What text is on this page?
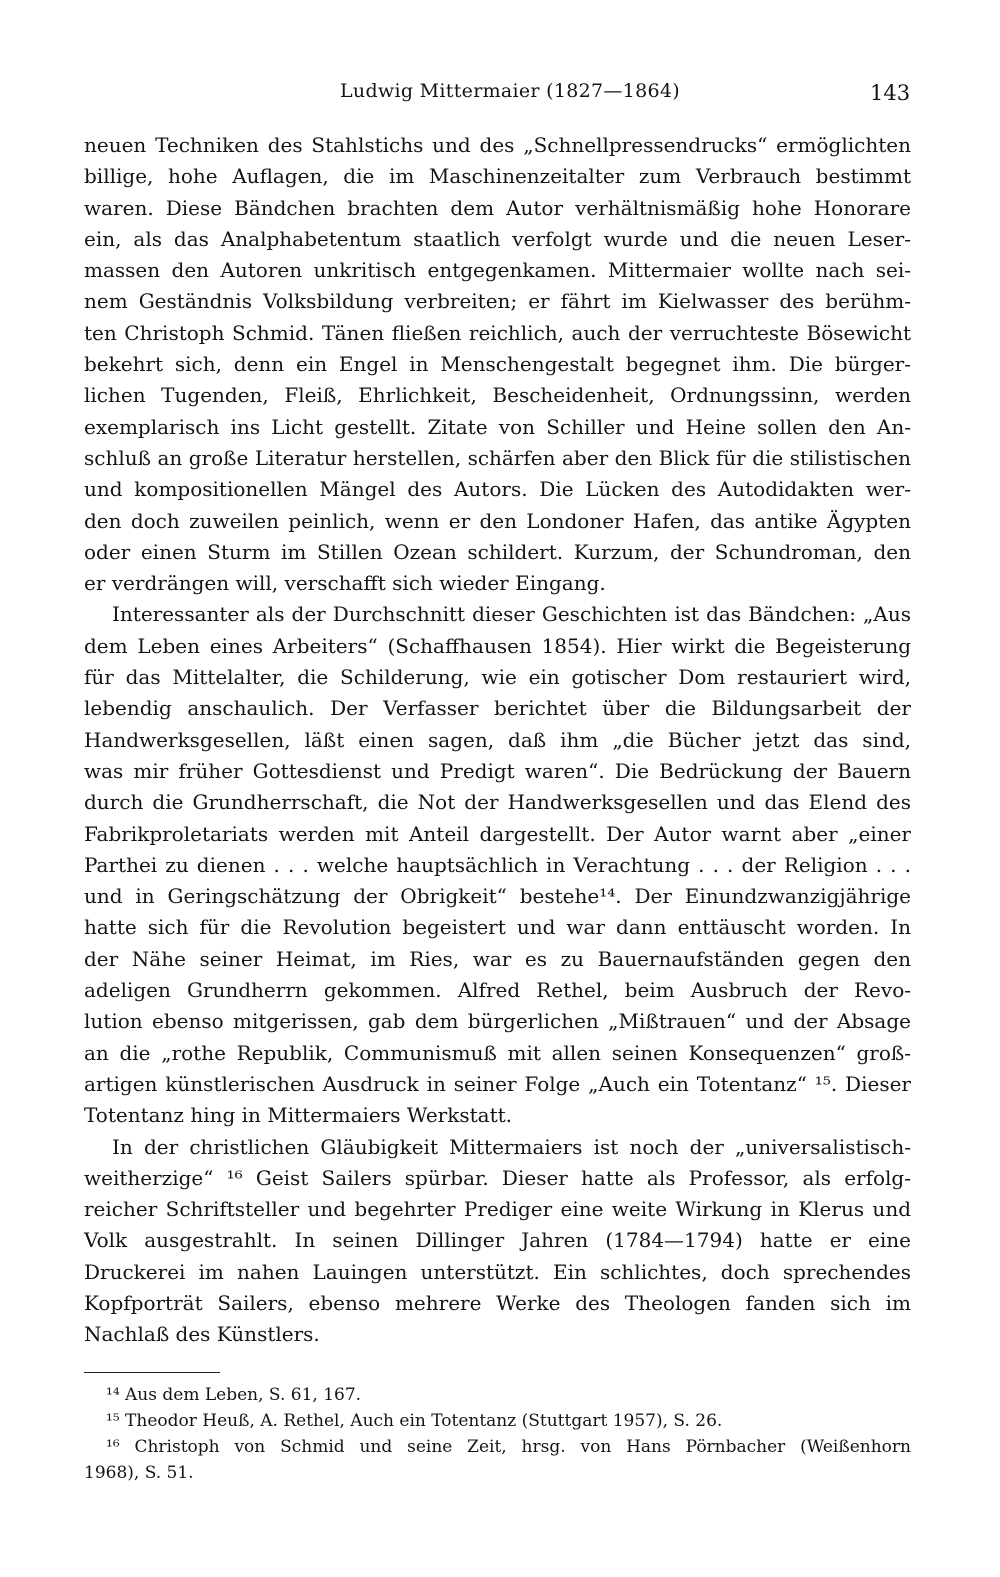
Ludwig Mittermaier (1827—1864)	143
neuen Techniken des Stahlstichs und des „Schnellpressendrucks“ ermöglichten
billige, hohe Auflagen, die im Maschinenzeitalter zum Verbrauch bestimmt
waren. Diese Bändchen brachten dem Autor verhältnismäßig hohe Honorare
ein, als das Analphabetentum staatlich verfolgt wurde und die neuen Leser-
massen den Autoren unkritisch entgegenkamen. Mittermaier wollte nach sei-
nem Geständnis Volksbildung verbreiten; er fährt im Kielwasser des berühm-
ten Christoph Schmid. Tänen fließen reichlich, auch der verruchteste Bösewicht
bekehrt sich, denn ein Engel in Menschengestalt begegnet ihm. Die bürger-
lichen Tugenden, Fleiß, Ehrlichkeit, Bescheidenheit, Ordnungssinn, werden
exemplarisch ins Licht gestellt. Zitate von Schiller und Heine sollen den An-
schluß an große Literatur herstellen, schärfen aber den Blick für die stilistischen
und kompositionellen Mängel des Autors. Die Lücken des Autodidakten wer-
den doch zuweilen peinlich, wenn er den Londoner Hafen, das antike Ägypten
oder einen Sturm im Stillen Ozean schildert. Kurzum, der Schundroman, den
er verdrängen will, verschafft sich wieder Eingang.
Interessanter als der Durchschnitt dieser Geschichten ist das Bändchen: „Aus
dem Leben eines Arbeiters“ (Schaffhausen 1854). Hier wirkt die Begeisterung
für das Mittelalter, die Schilderung, wie ein gotischer Dom restauriert wird,
lebendig anschaulich. Der Verfasser berichtet über die Bildungsarbeit der
Handwerksgesellen, läßt einen sagen, daß ihm „die Bücher jetzt das sind,
was mir früher Gottesdienst und Predigt waren“. Die Bedrückung der Bauern
durch die Grundherrschaft, die Not der Handwerksgesellen und das Elend des
Fabrikproletariats werden mit Anteil dargestellt. Der Autor warnt aber „einer
Parthei zu dienen . . . welche hauptsächlich in Verachtung . . . der Religion . . .
und in Geringschätzung der Obrigkeit“ bestehe¹⁴. Der Einundzwanzigjährige
hatte sich für die Revolution begeistert und war dann enttäuscht worden. In
der Nähe seiner Heimat, im Ries, war es zu Bauernaufständen gegen den
adeligen Grundherrn gekommen. Alfred Rethel, beim Ausbruch der Revo-
lution ebenso mitgerissen, gab dem bürgerlichen „Mißtrauen“ und der Absage
an die „rothe Republik, Communismuß mit allen seinen Konsequenzen“ groß-
artigen künstlerischen Ausdruck in seiner Folge „Auch ein Totentanz“ ¹⁵. Dieser
Totentanz hing in Mittermaiers Werkstatt.
In der christlichen Gläubigkeit Mittermaiers ist noch der „universalistisch-
weitherzige“ ¹⁶ Geist Sailers spürbar. Dieser hatte als Professor, als erfolg-
reicher Schriftsteller und begehrter Prediger eine weite Wirkung in Klerus und
Volk ausgestrahlt. In seinen Dillinger Jahren (1784—1794) hatte er eine
Druckerei im nahen Lauingen unterstützt. Ein schlichtes, doch sprechendes
Kopfporträt Sailers, ebenso mehrere Werke des Theologen fanden sich im
Nachlaß des Künstlers.
¹⁴ Aus dem Leben, S. 61, 167.
¹⁵ Theodor Heuß, A. Rethel, Auch ein Totentanz (Stuttgart 1957), S. 26.
¹⁶ Christoph von Schmid und seine Zeit, hrsg. von Hans Pörnbacher (Weißenhorn
1968), S. 51.
